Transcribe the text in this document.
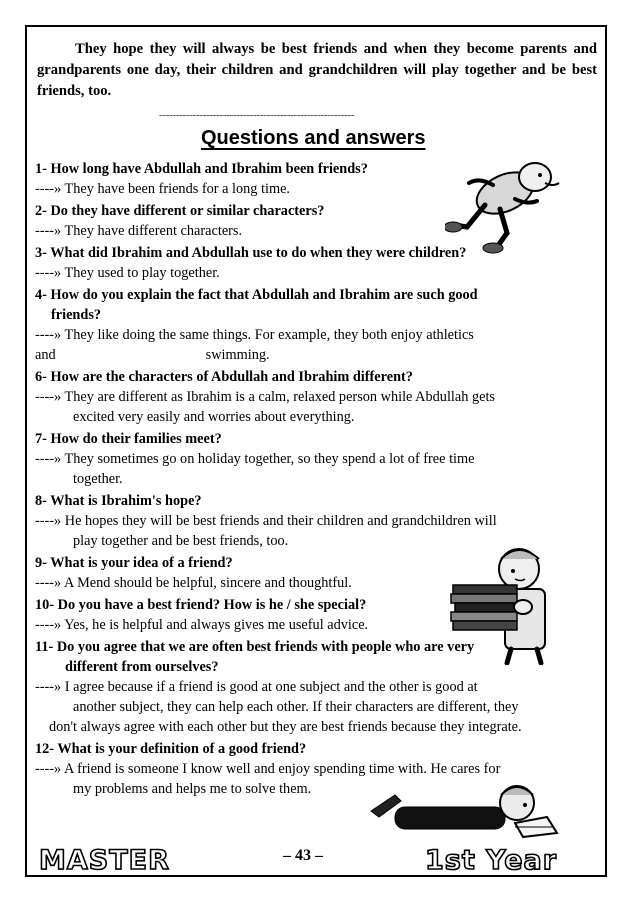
They hope they will always be best friends and when they become parents and grandparents one day, their children and grandchildren will play together and be best friends, too.
----------------------------------------------------------
Questions and answers
1- How long have Abdullah and Ibrahim been friends?
----» They have been friends for a long time.
2- Do they have different or similar characters?
----» They have different characters.
3- What did Ibrahim and Abdullah use to do when they were children?
----» They used to play together.
4- How do you explain the fact that Abdullah and Ibrahim are such good
friends?
----» They like doing the same things. For example, they both enjoy athletics
and	swimming.
6- How are the characters of Abdullah and Ibrahim different?
----» They are different as Ibrahim is a calm, relaxed person while Abdullah gets
excited very easily and worries about everything.
7- How do their families meet?
----» They sometimes go on holiday together, so they spend a lot of free time
together.
8- What is Ibrahim's hope?
----» He hopes they will be best friends and their children and grandchildren will
play together and be best friends, too.
9- What is your idea of a friend?
----» A Mend should be helpful, sincere and thoughtful.
10- Do you have a best friend? How is he / she special?
----» Yes, he is helpful and always gives me useful advice.
11- Do you agree that we are often best friends with people who are very
different from ourselves?
----» I agree because if a friend is good at one subject and the other is good at
another subject, they can help each other. If their characters are different, they
don't always agree with each other but they are best friends because they integrate.
12- What is your definition of a good friend?
----» A friend is someone I know well and enjoy spending time with. He cares for
my problems and helps me to solve them.
MASTER	– 43 –	1st Year
